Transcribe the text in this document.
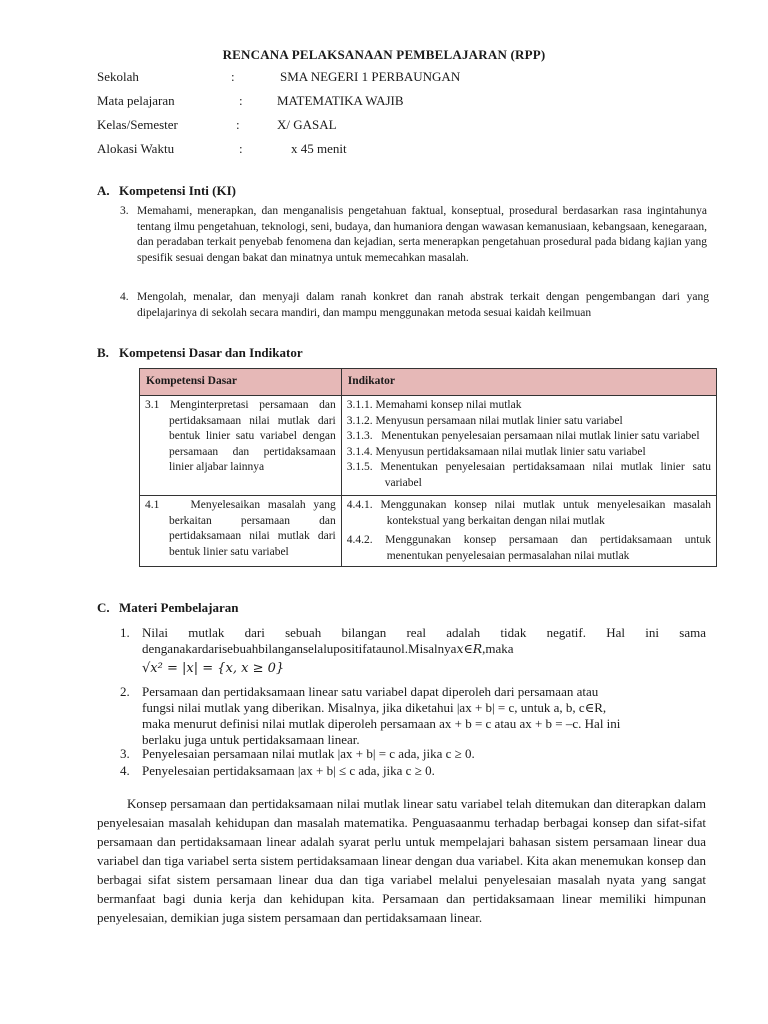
RENCANA PELAKSANAAN PEMBELAJARAN (RPP)
Sekolah	:	SMA NEGERI 1 PERBAUNGAN
Mata pelajaran	:	MATEMATIKA WAJIB
Kelas/Semester	:	X/ GASAL
Alokasi Waktu	:	x 45 menit
A. Kompetensi Inti (KI)
3. Memahami, menerapkan, dan menganalisis pengetahuan faktual, konseptual, prosedural berdasarkan rasa ingintahunya tentang ilmu pengetahuan, teknologi, seni, budaya, dan humaniora dengan wawasan kemanusiaan, kebangsaan, kenegaraan, dan peradaban terkait penyebab fenomena dan kejadian, serta menerapkan pengetahuan prosedural pada bidang kajian yang spesifik sesuai dengan bakat dan minatnya untuk memecahkan masalah.
4. Mengolah, menalar, dan menyaji dalam ranah konkret dan ranah abstrak terkait dengan pengembangan dari yang dipelajarinya di sekolah secara mandiri, dan mampu menggunakan metoda sesuai kaidah keilmuan
B. Kompetensi Dasar dan Indikator
Kompetensi Dasar	Indikator

3.1 Menginterpretasi persamaan dan pertidaksamaan nilai mutlak dari bentuk linier satu variabel dengan persamaan dan pertidaksamaan linier aljabar lainnya	3.1.1. Memahami konsep nilai mutlak
3.1.2. Menyusun persamaan nilai mutlak linier satu variabel
3.1.3. Menentukan penyelesaian persamaan nilai mutlak linier satu variabel
3.1.4. Menyusun pertidaksamaan nilai mutlak linier satu variabel
3.1.5. Menentukan penyelesaian pertidaksamaan nilai mutlak linier satu variabel

4.1 Menyelesaikan masalah yang berkaitan persamaan dan pertidaksamaan nilai mutlak dari bentuk linier satu variabel	4.4.1. Menggunakan konsep nilai mutlak untuk menyelesaikan masalah kontekstual yang berkaitan dengan nilai mutlak
4.4.2. Menggunakan konsep persamaan dan pertidaksamaan untuk menentukan penyelesaian permasalahan nilai mutlak
C. Materi Pembelajaran
1. Nilai mutlak dari sebuah bilangan real adalah tidak negatif. Hal ini sama
denganakardarisebuahbilanganselalupositifataunol.Misalnyax∈R,maka
√x² = |x| = {x, x ≥ 0}
2. Persamaan dan pertidaksamaan linear satu variabel dapat diperoleh dari persamaan atau
fungsi nilai mutlak yang diberikan. Misalnya, jika diketahui |ax + b| = c, untuk a, b, c∈R,
maka menurut definisi nilai mutlak diperoleh persamaan ax + b = c atau ax + b = –c. Hal ini
berlaku juga untuk pertidaksamaan linear.
3. Penyelesaian persamaan nilai mutlak |ax + b| = c ada, jika c ≥ 0.
4. Penyelesaian pertidaksamaan |ax + b| ≤ c ada, jika c ≥ 0.
Konsep persamaan dan pertidaksamaan nilai mutlak linear satu variabel telah ditemukan dan diterapkan dalam penyelesaian masalah kehidupan dan masalah matematika. Penguasaanmu terhadap berbagai konsep dan sifat-sifat persamaan dan pertidaksamaan linear adalah syarat perlu untuk mempelajari bahasan sistem persamaan linear dua variabel dan tiga variabel serta sistem pertidaksamaan linear dengan dua variabel. Kita akan menemukan konsep dan berbagai sifat sistem persamaan linear dua dan tiga variabel melalui penyelesaian masalah nyata yang sangat bermanfaat bagi dunia kerja dan kehidupan kita. Persamaan dan pertidaksamaan linear memiliki himpunan penyelesaian, demikian juga sistem persamaan dan pertidaksamaan linear.
